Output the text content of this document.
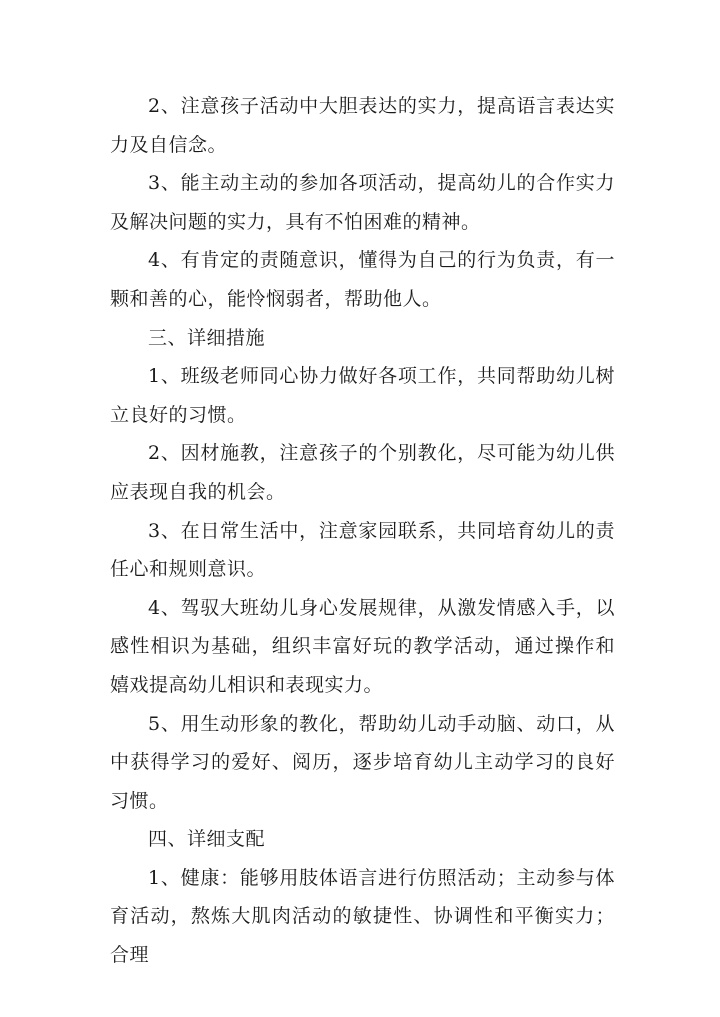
2、注意孩子活动中大胆表达的实力，提高语言表达实力及自信念。

3、能主动主动的参加各项活动，提高幼儿的合作实力及解决问题的实力，具有不怕困难的精神。

4、有肯定的责随意识，懂得为自己的行为负责，有一颗和善的心，能怜悯弱者，帮助他人。

三、详细措施

1、班级老师同心协力做好各项工作，共同帮助幼儿树立良好的习惯。

2、因材施教，注意孩子的个别教化，尽可能为幼儿供应表现自我的机会。

3、在日常生活中，注意家园联系，共同培育幼儿的责任心和规则意识。

4、驾驭大班幼儿身心发展规律，从激发情感入手，以感性相识为基础，组织丰富好玩的教学活动，通过操作和嬉戏提高幼儿相识和表现实力。

5、用生动形象的教化，帮助幼儿动手动脑、动口，从中获得学习的爱好、阅历，逐步培育幼儿主动学习的良好习惯。

四、详细支配

1、健康：能够用肢体语言进行仿照活动；主动参与体育活动，熬炼大肌肉活动的敏捷性、协调性和平衡实力；合理
